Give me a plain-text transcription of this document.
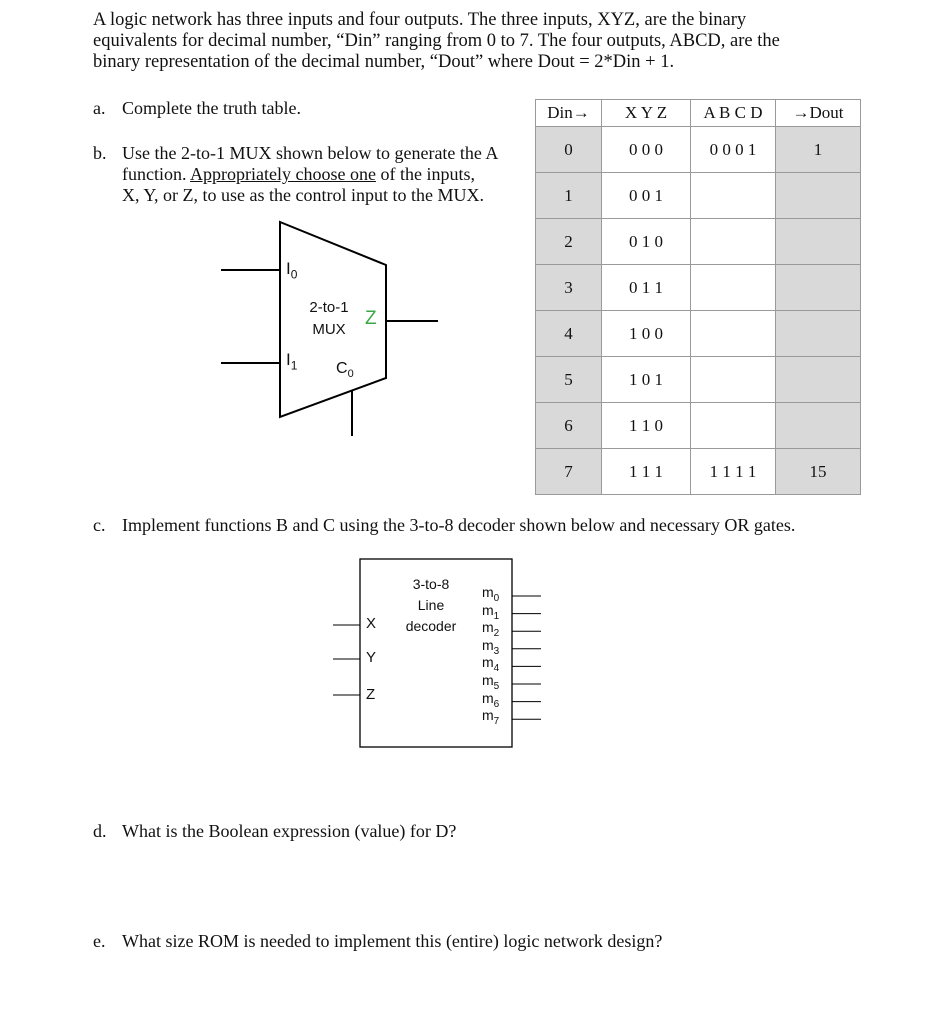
A logic network has three inputs and four outputs. The three inputs, XYZ, are the binary
equivalents for decimal number, “Din” ranging from 0 to 7. The four outputs, ABCD, are the
binary representation of the decimal number, “Dout” where Dout = 2*Din + 1.
a. Complete the truth table.
b. Use the 2-to-1 MUX shown below to generate the A
function. Appropriately choose one of the inputs,
X, Y, or Z, to use as the control input to the MUX.
Din→	X Y Z	A B C D	→Dout
0	0 0 0	0 0 0 1	1
1	0 0 1		
2	0 1 0		
3	0 1 1		
4	1 0 0		
5	1 0 1		
6	1 1 0		
7	1 1 1	1 1 1 1	15
$I_0$
$I_1$
2-to-1
MUX
Z
$C_0$
c. Implement functions B and C using the 3-to-8 decoder shown below and necessary OR gates.
3-to-8
Line
decoder
X
Y
Z
$m_0$
$m_1$
$m_2$
$m_3$
$m_4$
$m_5$
$m_6$
$m_7$
d. What is the Boolean expression (value) for D?
e. What size ROM is needed to implement this (entire) logic network design?
